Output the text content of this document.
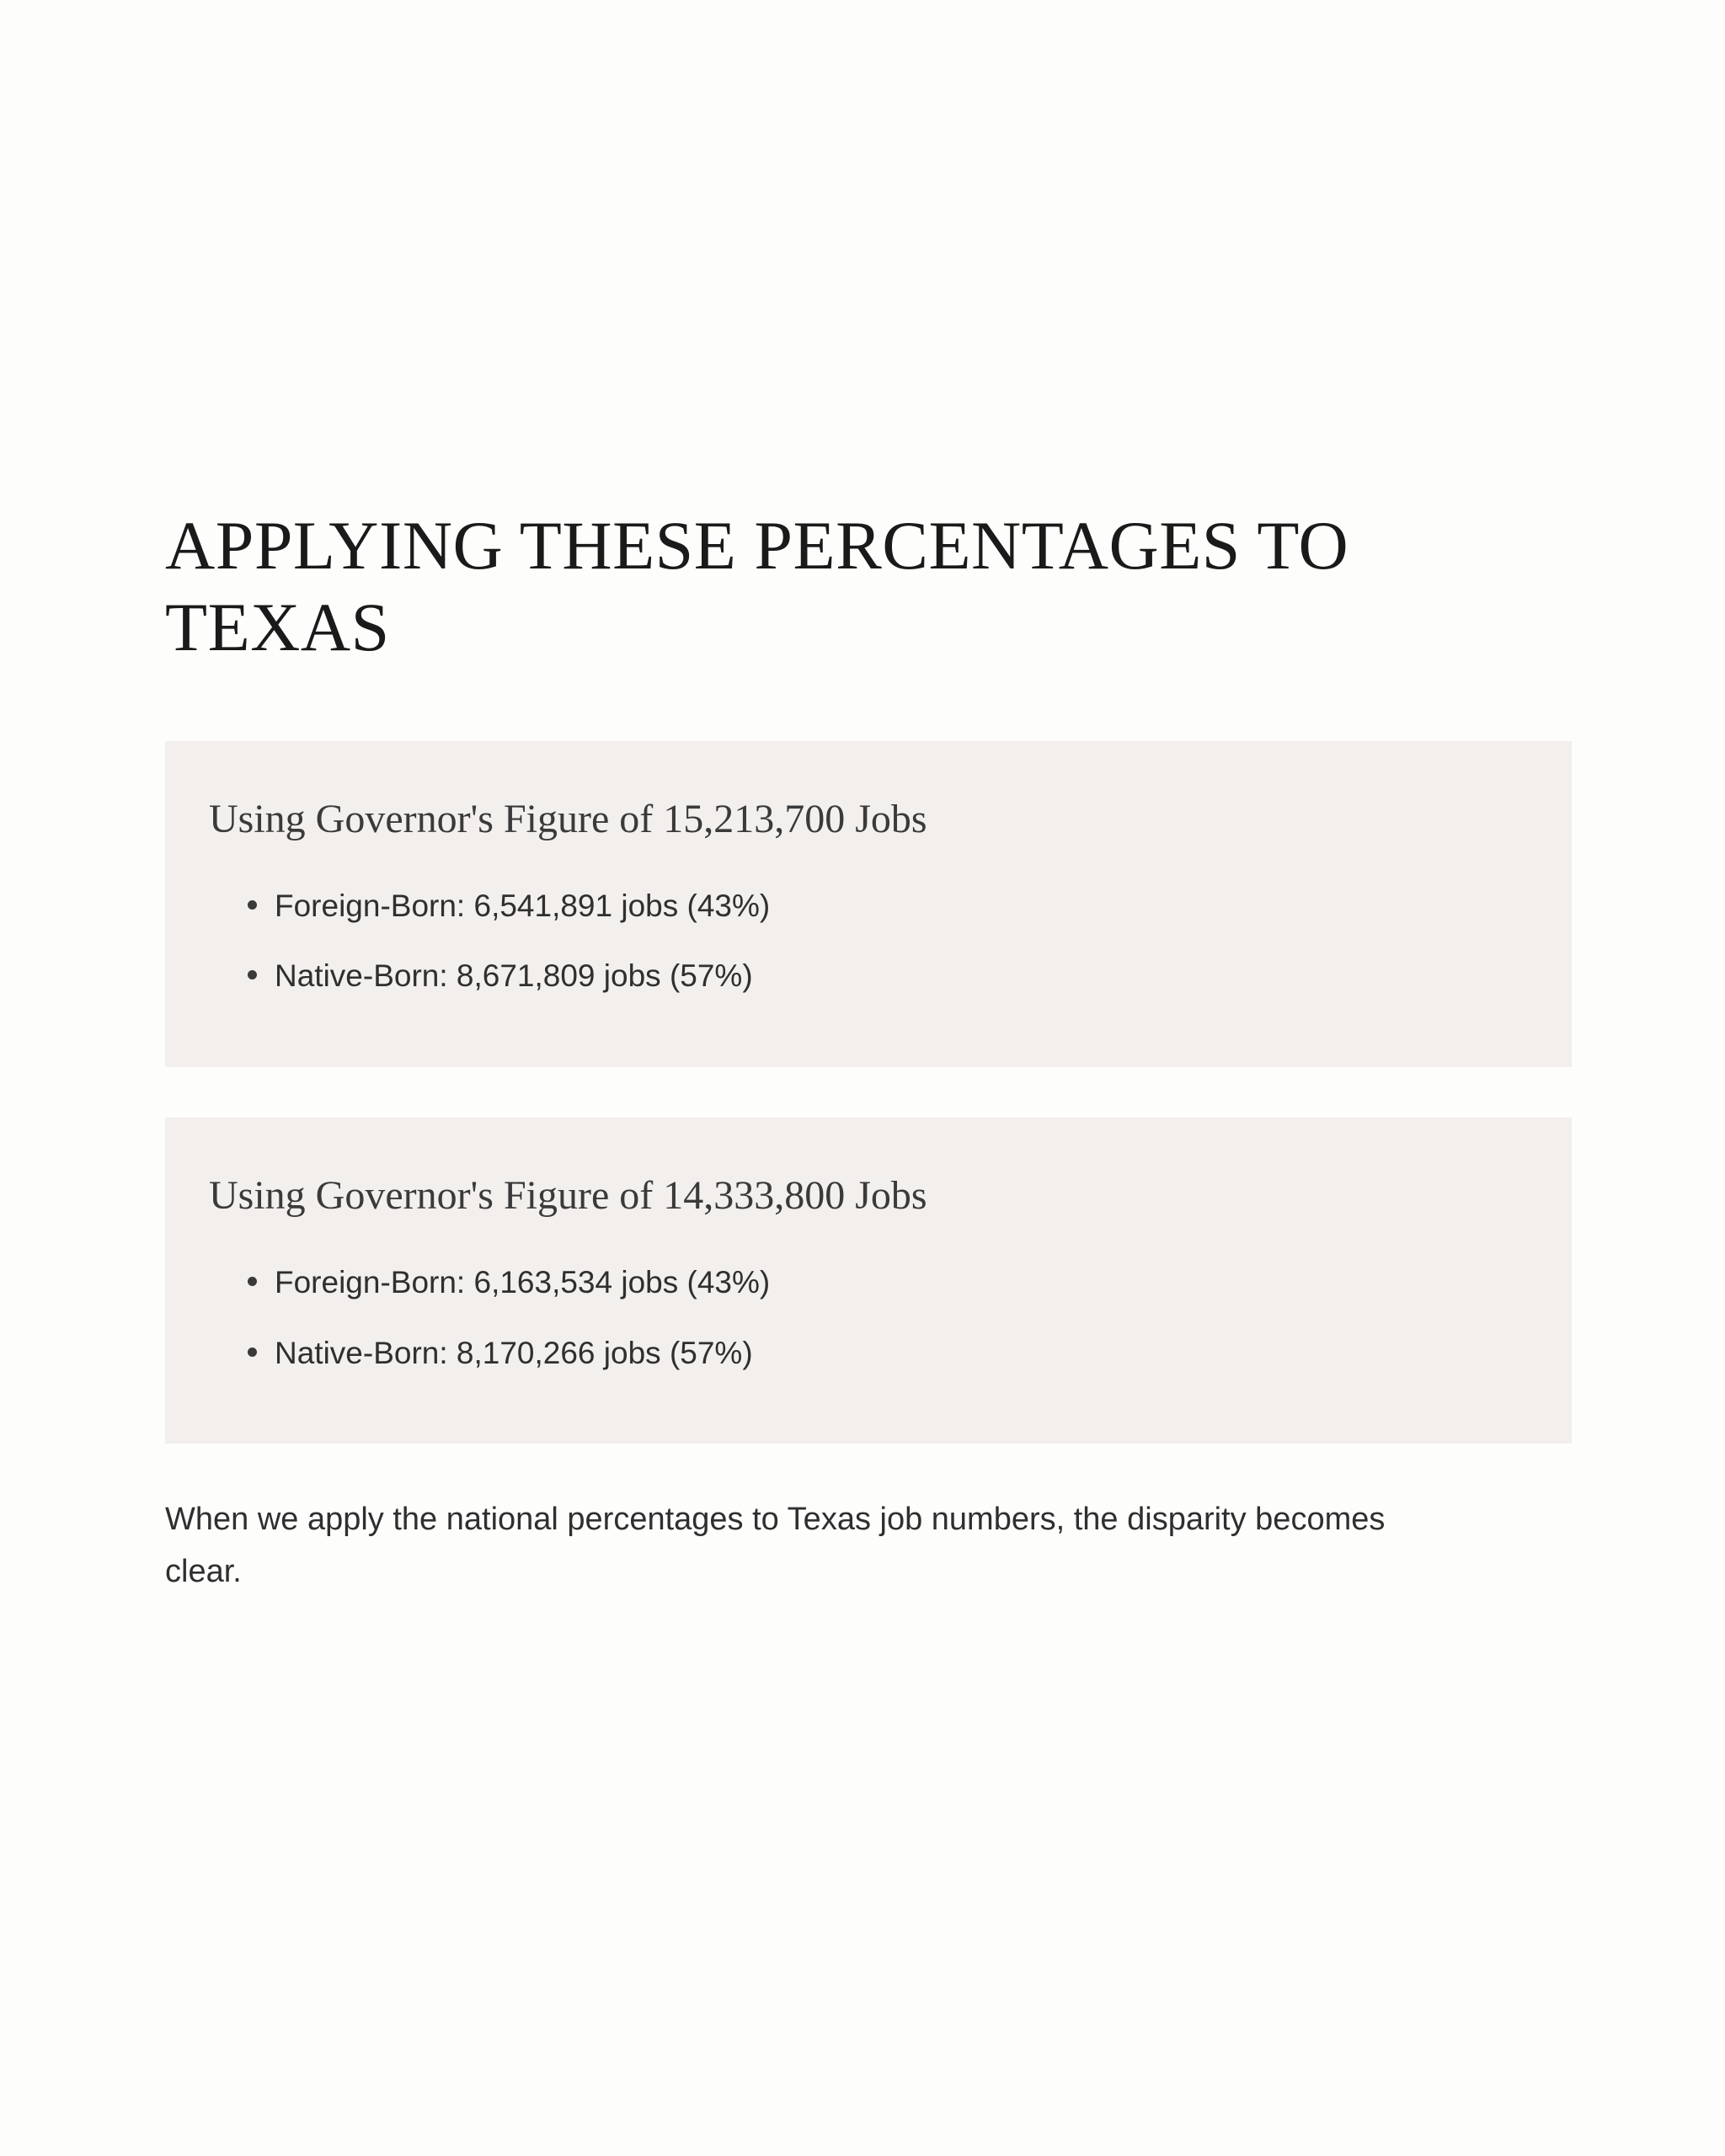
APPLYING THESE PERCENTAGES TO TEXAS
Using Governor's Figure of 15,213,700 Jobs
Foreign-Born: 6,541,891 jobs (43%)
Native-Born: 8,671,809 jobs (57%)
Using Governor's Figure of 14,333,800 Jobs
Foreign-Born: 6,163,534 jobs (43%)
Native-Born: 8,170,266 jobs (57%)

When we apply the national percentages to Texas job numbers, the disparity becomes clear.
